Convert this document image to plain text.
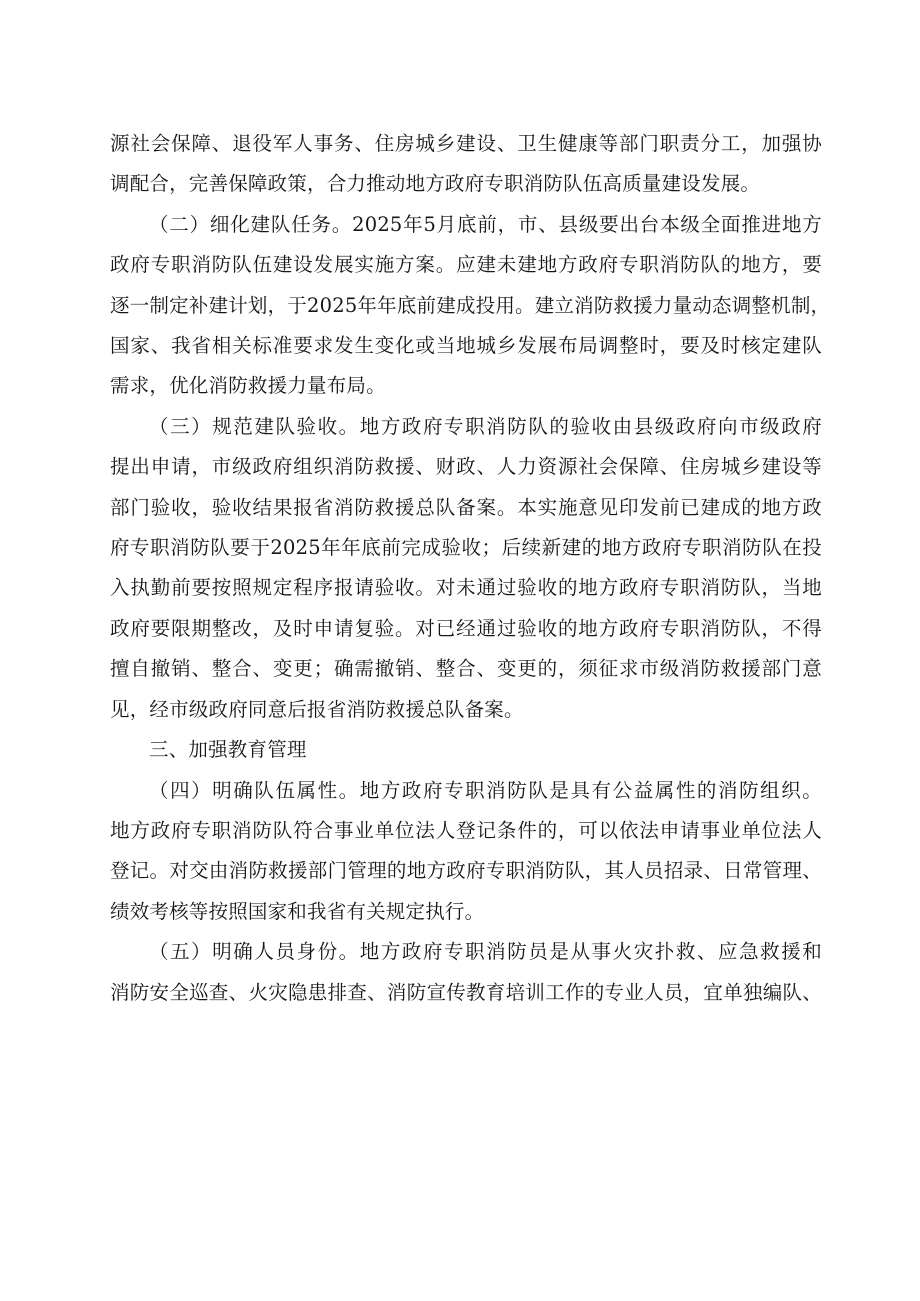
源社会保障、退役军人事务、住房城乡建设、卫生健康等部门职责分工，加强协
调配合，完善保障政策，合力推动地方政府专职消防队伍高质量建设发展。

（二）细化建队任务。2025年5月底前，市、县级要出台本级全面推进地方
政府专职消防队伍建设发展实施方案。应建未建地方政府专职消防队的地方，要
逐一制定补建计划，于2025年年底前建成投用。建立消防救援力量动态调整机制，
国家、我省相关标准要求发生变化或当地城乡发展布局调整时，要及时核定建队
需求，优化消防救援力量布局。

（三）规范建队验收。地方政府专职消防队的验收由县级政府向市级政府
提出申请，市级政府组织消防救援、财政、人力资源社会保障、住房城乡建设等
部门验收，验收结果报省消防救援总队备案。本实施意见印发前已建成的地方政
府专职消防队要于2025年年底前完成验收；后续新建的地方政府专职消防队在投
入执勤前要按照规定程序报请验收。对未通过验收的地方政府专职消防队，当地
政府要限期整改，及时申请复验。对已经通过验收的地方政府专职消防队，不得
擅自撤销、整合、变更；确需撤销、整合、变更的，须征求市级消防救援部门意
见，经市级政府同意后报省消防救援总队备案。

三、加强教育管理

（四）明确队伍属性。地方政府专职消防队是具有公益属性的消防组织。
地方政府专职消防队符合事业单位法人登记条件的，可以依法申请事业单位法人
登记。对交由消防救援部门管理的地方政府专职消防队，其人员招录、日常管理、
绩效考核等按照国家和我省有关规定执行。

（五）明确人员身份。地方政府专职消防员是从事火灾扑救、应急救援和
消防安全巡查、火灾隐患排查、消防宣传教育培训工作的专业人员，宜单独编队、
